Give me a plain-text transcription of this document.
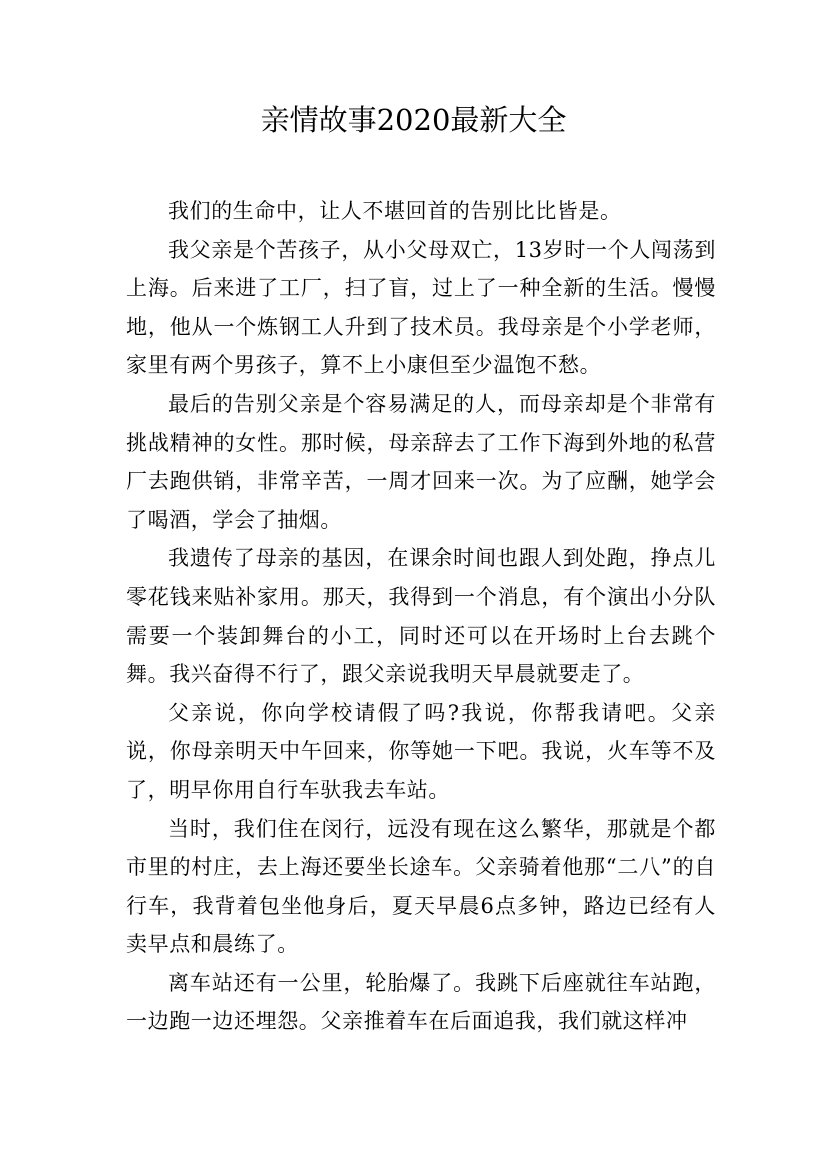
亲情故事2020最新大全

我们的生命中，让人不堪回首的告别比比皆是。

我父亲是个苦孩子，从小父母双亡，13岁时一个人闯荡到上海。后来进了工厂，扫了盲，过上了一种全新的生活。慢慢地，他从一个炼钢工人升到了技术员。我母亲是个小学老师，家里有两个男孩子，算不上小康但至少温饱不愁。

最后的告别父亲是个容易满足的人，而母亲却是个非常有挑战精神的女性。那时候，母亲辞去了工作下海到外地的私营厂去跑供销，非常辛苦，一周才回来一次。为了应酬，她学会了喝酒，学会了抽烟。

我遗传了母亲的基因，在课余时间也跟人到处跑，挣点儿零花钱来贴补家用。那天，我得到一个消息，有个演出小分队需要一个装卸舞台的小工，同时还可以在开场时上台去跳个舞。我兴奋得不行了，跟父亲说我明天早晨就要走了。

父亲说，你向学校请假了吗?我说，你帮我请吧。父亲说，你母亲明天中午回来，你等她一下吧。我说，火车等不及了，明早你用自行车驮我去车站。

当时，我们住在闵行，远没有现在这么繁华，那就是个都市里的村庄，去上海还要坐长途车。父亲骑着他那“二八”的自行车，我背着包坐他身后，夏天早晨6点多钟，路边已经有人卖早点和晨练了。

离车站还有一公里，轮胎爆了。我跳下后座就往车站跑，一边跑一边还埋怨。父亲推着车在后面追我，我们就这样冲
